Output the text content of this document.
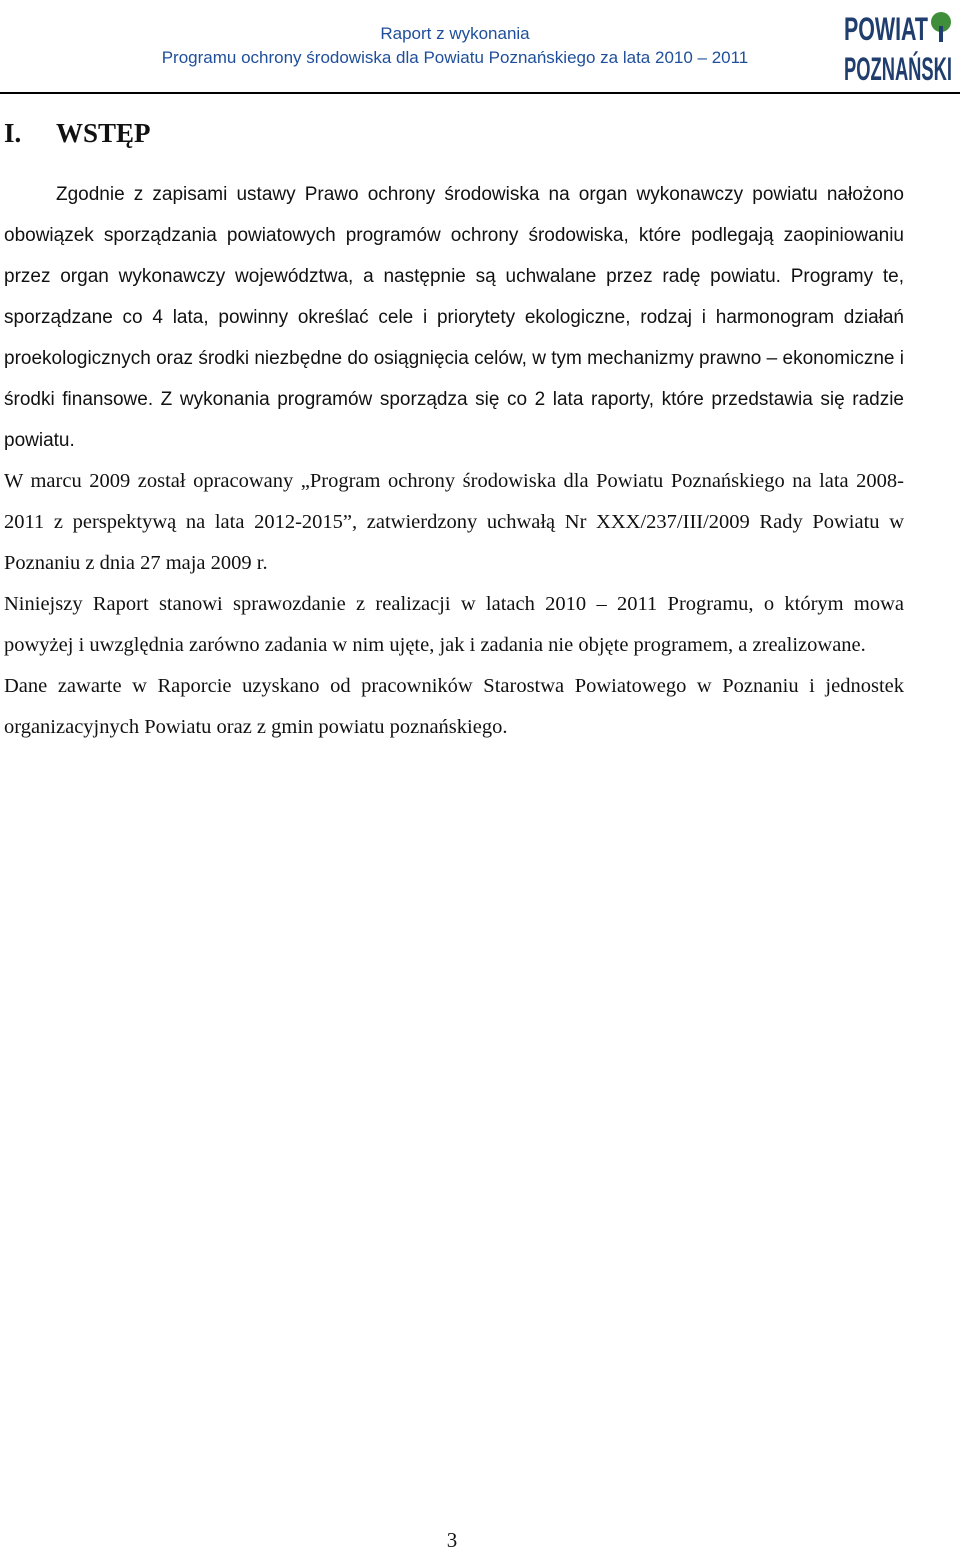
Raport z wykonania
Programu ochrony środowiska dla Powiatu Poznańskiego za lata 2010 – 2011
POWIAT
POZNAŃSKI
I. WSTĘP

Zgodnie z zapisami ustawy Prawo ochrony środowiska na organ wykonawczy powiatu nałożono obowiązek sporządzania powiatowych programów ochrony środowiska, które podlegają zaopiniowaniu przez organ wykonawczy województwa, a następnie są uchwalane przez radę powiatu. Programy te, sporządzane co 4 lata, powinny określać cele i priorytety ekologiczne, rodzaj i harmonogram działań proekologicznych oraz środki niezbędne do osiągnięcia celów, w tym mechanizmy prawno – ekonomiczne i środki finansowe. Z wykonania programów sporządza się co 2 lata raporty, które przedstawia się radzie powiatu.

W marcu 2009 został opracowany „Program ochrony środowiska dla Powiatu Poznańskiego na lata 2008-2011 z perspektywą na lata 2012-2015”, zatwierdzony uchwałą Nr XXX/237/III/2009 Rady Powiatu w Poznaniu z dnia 27 maja 2009 r.

Niniejszy Raport stanowi sprawozdanie z realizacji w latach 2010 – 2011 Programu, o którym mowa powyżej i uwzględnia zarówno zadania w nim ujęte, jak i zadania nie objęte programem, a zrealizowane.

Dane zawarte w Raporcie uzyskano od pracowników Starostwa Powiatowego w Poznaniu i jednostek organizacyjnych Powiatu oraz z gmin powiatu poznańskiego.

3
